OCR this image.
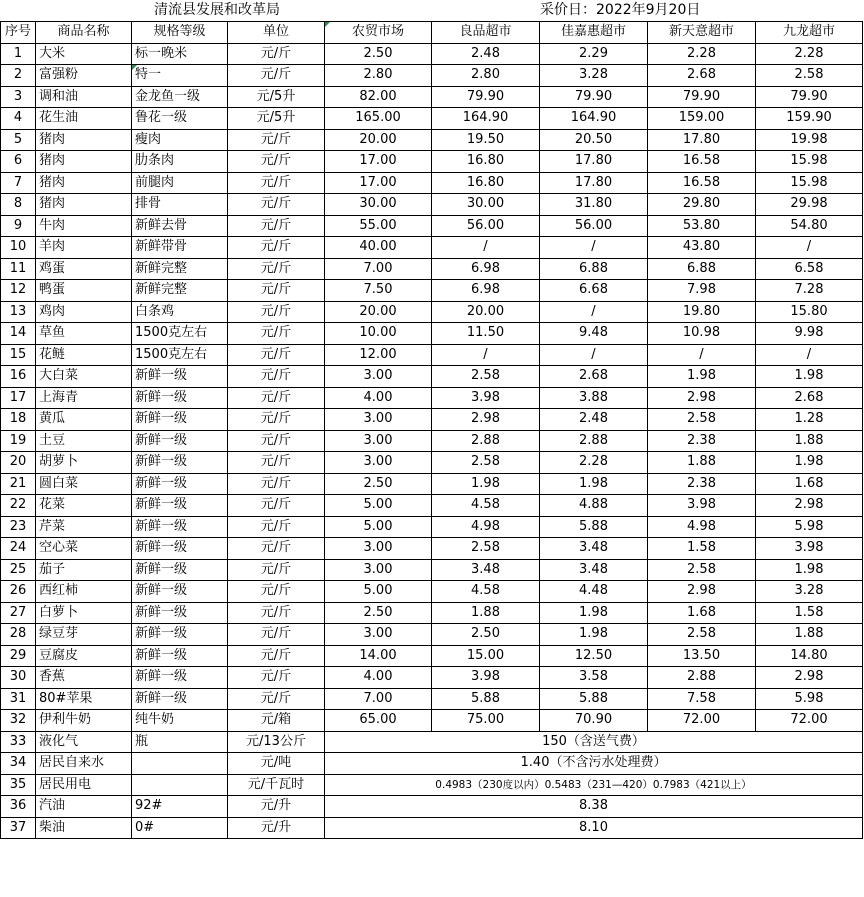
清流县发展和改革局	采价日：2022年9月20日
序号	商品名称	规格等级	单位	农贸市场	良品超市	佳嘉惠超市	新天意超市	九龙超市
1	大米	标一晚米	元/斤	2.50	2.48	2.29	2.28	2.28
2	富强粉	特一	元/斤	2.80	2.80	3.28	2.68	2.58
3	调和油	金龙鱼一级	元/5升	82.00	79.90	79.90	79.90	79.90
4	花生油	鲁花一级	元/5升	165.00	164.90	164.90	159.00	159.90
5	猪肉	瘦肉	元/斤	20.00	19.50	20.50	17.80	19.98
6	猪肉	肋条肉	元/斤	17.00	16.80	17.80	16.58	15.98
7	猪肉	前腿肉	元/斤	17.00	16.80	17.80	16.58	15.98
8	猪肉	排骨	元/斤	30.00	30.00	31.80	29.80	29.98
9	牛肉	新鲜去骨	元/斤	55.00	56.00	56.00	53.80	54.80
10	羊肉	新鲜带骨	元/斤	40.00	/	/	43.80	/
11	鸡蛋	新鲜完整	元/斤	7.00	6.98	6.88	6.88	6.58
12	鸭蛋	新鲜完整	元/斤	7.50	6.98	6.68	7.98	7.28
13	鸡肉	白条鸡	元/斤	20.00	20.00	/	19.80	15.80
14	草鱼	1500克左右	元/斤	10.00	11.50	9.48	10.98	9.98
15	花鲢	1500克左右	元/斤	12.00	/	/	/	/
16	大白菜	新鲜一级	元/斤	3.00	2.58	2.68	1.98	1.98
17	上海青	新鲜一级	元/斤	4.00	3.98	3.88	2.98	2.68
18	黄瓜	新鲜一级	元/斤	3.00	2.98	2.48	2.58	1.28
19	土豆	新鲜一级	元/斤	3.00	2.88	2.88	2.38	1.88
20	胡萝卜	新鲜一级	元/斤	3.00	2.58	2.28	1.88	1.98
21	圆白菜	新鲜一级	元/斤	2.50	1.98	1.98	2.38	1.68
22	花菜	新鲜一级	元/斤	5.00	4.58	4.88	3.98	2.98
23	芹菜	新鲜一级	元/斤	5.00	4.98	5.88	4.98	5.98
24	空心菜	新鲜一级	元/斤	3.00	2.58	3.48	1.58	3.98
25	茄子	新鲜一级	元/斤	3.00	3.48	3.48	2.58	1.98
26	西红柿	新鲜一级	元/斤	5.00	4.58	4.48	2.98	3.28
27	白萝卜	新鲜一级	元/斤	2.50	1.88	1.98	1.68	1.58
28	绿豆芽	新鲜一级	元/斤	3.00	2.50	1.98	2.58	1.88
29	豆腐皮	新鲜一级	元/斤	14.00	15.00	12.50	13.50	14.80
30	香蕉	新鲜一级	元/斤	4.00	3.98	3.58	2.88	2.98
31	80#苹果	新鲜一级	元/斤	7.00	5.88	5.88	7.58	5.98
32	伊利牛奶	纯牛奶	元/箱	65.00	75.00	70.90	72.00	72.00
33	液化气	瓶	元/13公斤	150（含送气费）				
34	居民自来水		元/吨	1.40（不含污水处理费）				
35	居民用电		元/千瓦时	0.4983（230度以内）0.5483（231—420）0.7983（421以上）				
36	汽油	92#	元/升	8.38				
37	柴油	0#	元/升	8.10				
